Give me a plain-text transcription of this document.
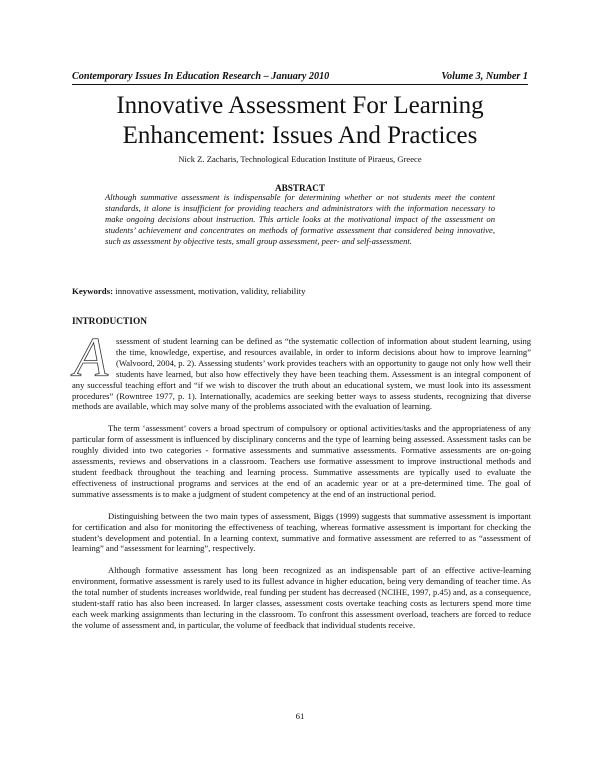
Contemporary Issues In Education Research – January 2010	Volume 3, Number 1
Innovative Assessment For Learning
Enhancement: Issues And Practices
Nick Z. Zacharis, Technological Education Institute of Piraeus, Greece
ABSTRACT
Although summative assessment is indispensable for determining whether or not students meet the content standards, it alone is insufficient for providing teachers and administrators with the information necessary to make ongoing decisions about instruction. This article looks at the motivational impact of the assessment on students’ achievement and concentrates on methods of formative assessment that considered being innovative, such as assessment by objective tests, small group assessment, peer- and self-assessment.
Keywords: innovative assessment, motivation, validity, reliability
INTRODUCTION

Assessment of student learning can be defined as “the systematic collection of information about student learning, using the time, knowledge, expertise, and resources available, in order to inform decisions about how to improve learning” (Walvoord, 2004, p. 2). Assessing students’ work provides teachers with an opportunity to gauge not only how well their students have learned, but also how effectively they have been teaching them. Assessment is an integral component of any successful teaching effort and “if we wish to discover the truth about an educational system, we must look into its assessment procedures” (Rowntree 1977, p. 1). Internationally, academics are seeking better ways to assess students, recognizing that diverse methods are available, which may solve many of the problems associated with the evaluation of learning.

The term ‘assessment’ covers a broad spectrum of compulsory or optional activities/tasks and the appropriateness of any particular form of assessment is influenced by disciplinary concerns and the type of learning being assessed. Assessment tasks can be roughly divided into two categories - formative assessments and summative assessments. Formative assessments are on-going assessments, reviews and observations in a classroom. Teachers use formative assessment to improve instructional methods and student feedback throughout the teaching and learning process. Summative assessments are typically used to evaluate the effectiveness of instructional programs and services at the end of an academic year or at a pre-determined time. The goal of summative assessments is to make a judgment of student competency at the end of an instructional period.

Distinguishing between the two main types of assessment, Biggs (1999) suggests that summative assessment is important for certification and also for monitoring the effectiveness of teaching, whereas formative assessment is important for checking the student’s development and potential. In a learning context, summative and formative assessment are referred to as “assessment of learning” and “assessment for learning”, respectively.

Although formative assessment has long been recognized as an indispensable part of an effective active-learning environment, formative assessment is rarely used to its fullest advance in higher education, being very demanding of teacher time. As the total number of students increases worldwide, real funding per student has decreased (NCIHE, 1997, p.45) and, as a consequence, student-staff ratio has also been increased. In larger classes, assessment costs overtake teaching costs as lecturers spend more time each week marking assignments than lecturing in the classroom. To confront this assessment overload, teachers are forced to reduce the volume of assessment and, in particular, the volume of feedback that individual students receive.

61
